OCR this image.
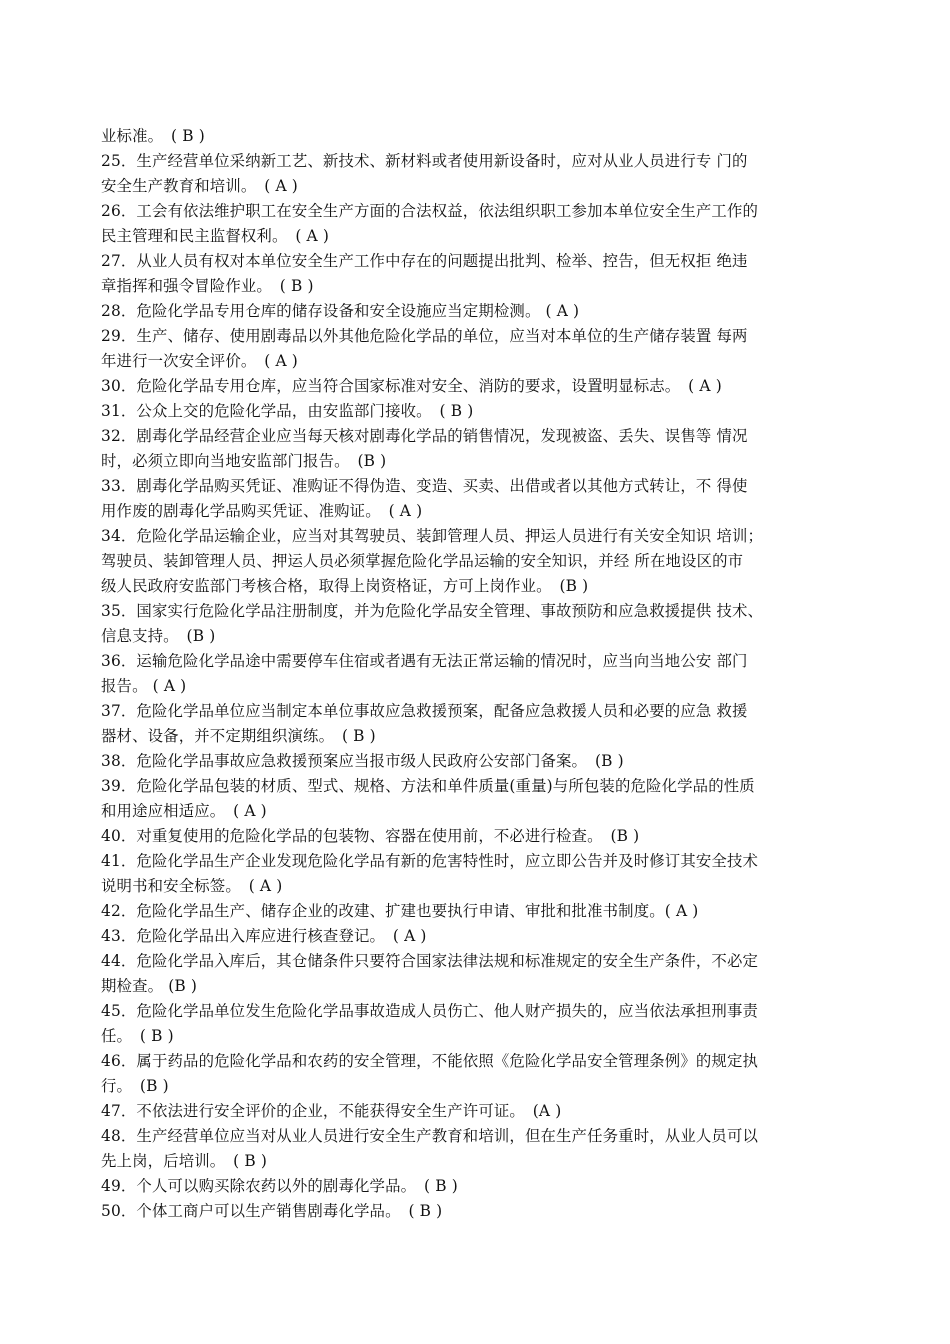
业标准。　( B )
25．生产经营单位采纳新工艺、新技术、新材料或者使用新设备时，应对从业人员进行专 门的
安全生产教育和培训。　( A )
26．工会有依法维护职工在安全生产方面的合法权益，依法组织职工参加本单位安全生产工作的
民主管理和民主监督权利。　( A )
27．从业人员有权对本单位安全生产工作中存在的问题提出批判、检举、控告，但无权拒 绝违
章指挥和强令冒险作业。　( B )
28．危险化学品专用仓库的储存设备和安全设施应当定期检测。 ( A )
29．生产、储存、使用剧毒品以外其他危险化学品的单位，应当对本单位的生产储存装置 每两
年进行一次安全评价。　( A )
30．危险化学品专用仓库，应当符合国家标准对安全、消防的要求，设置明显标志。　( A )
31．公众上交的危险化学品，由安监部门接收。　( B )
32．剧毒化学品经营企业应当每天核对剧毒化学品的销售情况，发现被盗、丢失、误售等 情况
时，必须立即向当地安监部门报告。　(B )
33．剧毒化学品购买凭证、准购证不得伪造、变造、买卖、出借或者以其他方式转让，不 得使
用作废的剧毒化学品购买凭证、准购证。　( A )
34．危险化学品运输企业，应当对其驾驶员、装卸管理人员、押运人员进行有关安全知识 培训；
驾驶员、装卸管理人员、押运人员必须掌握危险化学品运输的安全知识，并经 所在地设区的市
级人民政府安监部门考核合格，取得上岗资格证，方可上岗作业。　(B )
35．国家实行危险化学品注册制度，并为危险化学品安全管理、事故预防和应急救援提供 技术、
信息支持。　(B )
36．运输危险化学品途中需要停车住宿或者遇有无法正常运输的情况时，应当向当地公安 部门
报告。 ( A )
37．危险化学品单位应当制定本单位事故应急救援预案，配备应急救援人员和必要的应急 救援
器材、设备，并不定期组织演练。　( B )
38．危险化学品事故应急救援预案应当报市级人民政府公安部门备案。　(B )
39．危险化学品包装的材质、型式、规格、方法和单件质量(重量)与所包装的危险化学品的性质
和用途应相适应。　( A )
40．对重复使用的危险化学品的包装物、容器在使用前，不必进行检查。　(B )
41．危险化学品生产企业发现危险化学品有新的危害特性时，应立即公告并及时修订其安全技术
说明书和安全标签。　( A )
42．危险化学品生产、储存企业的改建、扩建也要执行申请、审批和批准书制度。( A )
43．危险化学品出入库应进行核查登记。　( A )
44．危险化学品入库后，其仓储条件只要符合国家法律法规和标准规定的安全生产条件，不必定
期检查。 (B )
45．危险化学品单位发生危险化学品事故造成人员伤亡、他人财产损失的，应当依法承担刑事责
任。　( B )
46．属于药品的危险化学品和农药的安全管理，不能依照《危险化学品安全管理条例》的规定执
行。　(B )
47．不依法进行安全评价的企业，不能获得安全生产许可证。　(A )
48．生产经营单位应当对从业人员进行安全生产教育和培训，但在生产任务重时，从业人员可以
先上岗，后培训。　( B )
49．个人可以购买除农药以外的剧毒化学品。　( B )
50．个体工商户可以生产销售剧毒化学品。　( B )
